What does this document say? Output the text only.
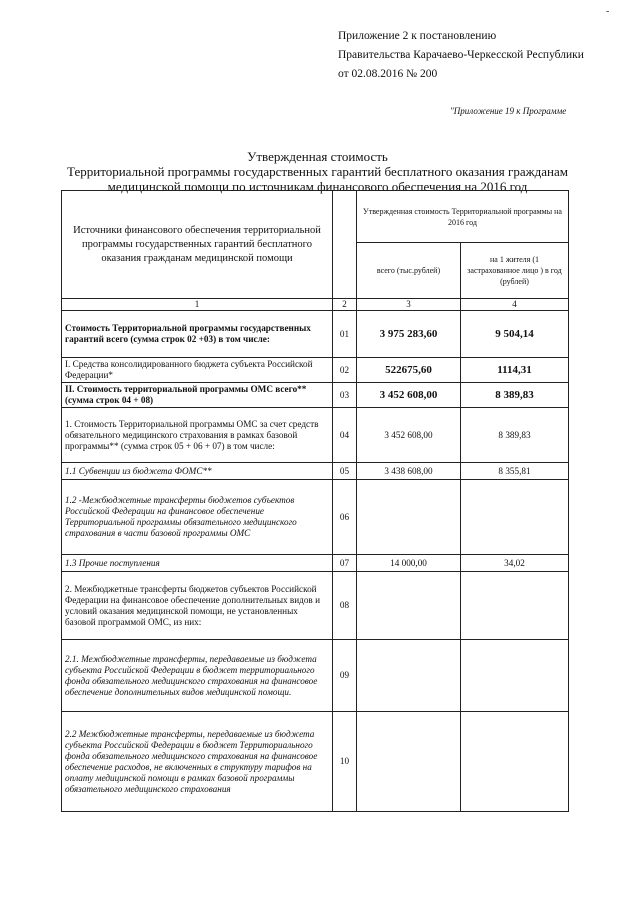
-
Приложение 2 к постановлению
Правительства Карачаево-Черкесской Республики
от 02.08.2016 № 200
"Приложение 19 к Программе
Утвержденная стоимость
Территориальной программы государственных гарантий бесплатного оказания гражданам
медицинской помощи по источникам финансового обеспечения на 2016 год
Источники финансового обеспечения территориальной программы государственных гарантий бесплатного оказания гражданам медицинской помощи		Утвержденная стоимость Территориальной программы на 2016 год	
		всего (тыс.рублей)	на 1 жителя (1 застрахованное лицо ) в год (рублей)
1	2	3	4
Стоимость Территориальной программы государственных гарантий всего (сумма строк 02 +03) в том числе:	01	3 975 283,60	9 504,14
I. Средства консолидированного бюджета субъекта Российской Федерации*	02	522675,60	1114,31
II. Стоимость территориальной программы ОМС всего** (сумма строк 04 + 08)	03	3 452 608,00	8 389,83
1. Стоимость Территориальной программы ОМС за счет средств обязательного медицинского страхования в рамках базовой программы** (сумма строк 05 + 06 + 07) в том числе:	04	3 452 608,00	8 389,83
1.1 Субвенции из бюджета ФОМС**	05	3 438 608,00	8 355,81
1.2 -Межбюджетные трансферты бюджетов субъектов Российской Федерации на финансовое обеспечение Территориальной программы обязательного медицинского страхования в части базовой программы ОМС	06		
1.3 Прочие поступления	07	14 000,00	34,02
2. Межбюджетные трансферты бюджетов субъектов Российской Федерации на финансовое обеспечение дополнительных видов и условий оказания медицинской помощи, не установленных базовой программой ОМС, из них:	08		
2.1. Межбюджетные трансферты, передаваемые из бюджета субъекта Российской Федерации в бюджет территориального фонда обязательного медицинского страхования на финансовое обеспечение дополнительных видов медицинской помощи.	09		
2.2 Межбюджетные трансферты, передаваемые из бюджета субъекта Российской Федерации в бюджет Территориального фонда обязательного медицинского страхования на финансовое обеспечение расходов, не включенных в структуру тарифов на оплату медицинской помощи в рамках базовой программы обязательного медицинского страхования	10		
